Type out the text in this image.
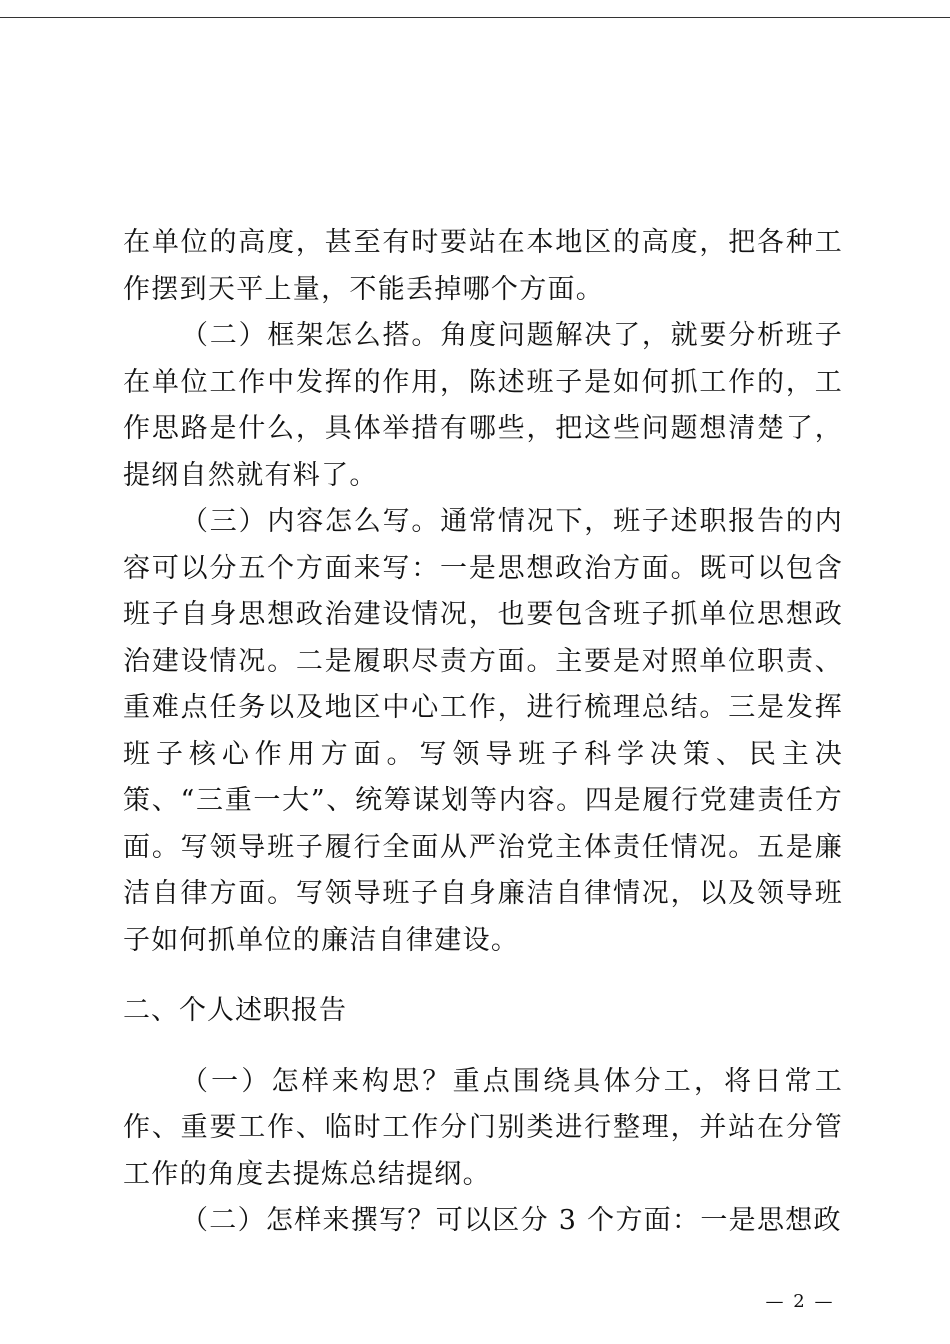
在单位的高度，甚至有时要站在本地区的高度，把各种工作摆到天平上量，不能丢掉哪个方面。

（二）框架怎么搭。角度问题解决了，就要分析班子在单位工作中发挥的作用，陈述班子是如何抓工作的，工作思路是什么，具体举措有哪些，把这些问题想清楚了，提纲自然就有料了。

（三）内容怎么写。通常情况下，班子述职报告的内容可以分五个方面来写：一是思想政治方面。既可以包含班子自身思想政治建设情况，也要包含班子抓单位思想政治建设情况。二是履职尽责方面。主要是对照单位职责、重难点任务以及地区中心工作，进行梳理总结。三是发挥班子核心作用方面。写领导班子科学决策、民主决策、“三重一大”、统筹谋划等内容。四是履行党建责任方面。写领导班子履行全面从严治党主体责任情况。五是廉洁自律方面。写领导班子自身廉洁自律情况，以及领导班子如何抓单位的廉洁自律建设。

二、个人述职报告

（一）怎样来构思？重点围绕具体分工，将日常工作、重要工作、临时工作分门别类进行整理，并站在分管工作的角度去提炼总结提纲。

（二）怎样来撰写？可以区分 3 个方面：一是思想政

— 2 —
